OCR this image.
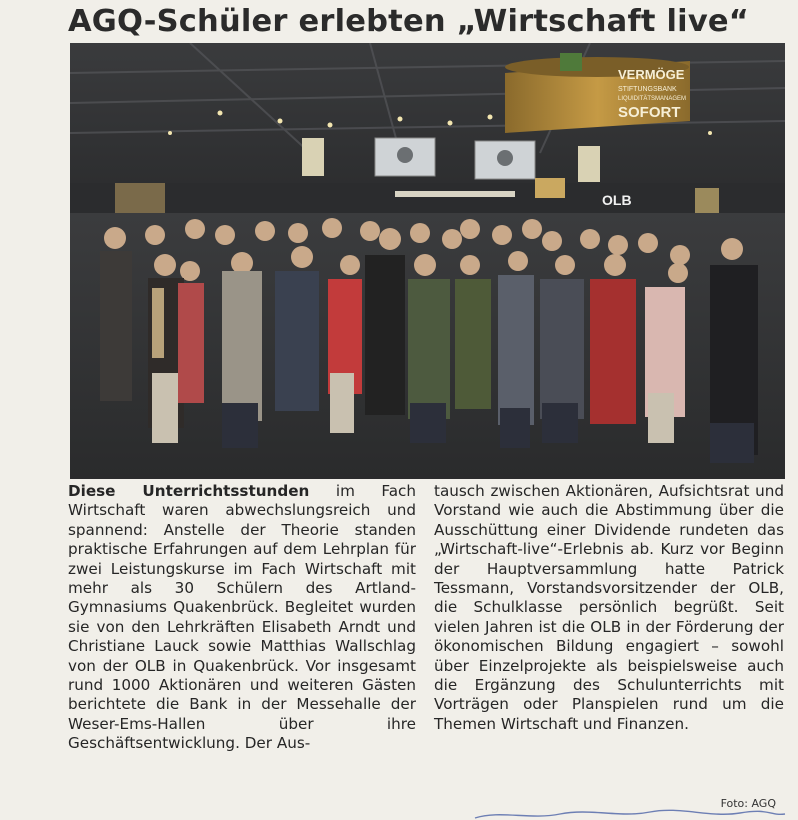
AGQ-Schüler erlebten „Wirtschaft live“
OLB
VERMÖGE
STIFTUNGSBANK
LIQUIDITÄTSMANAGEM
SOFORT
Diese Unterrichtsstunden im Fach Wirtschaft waren abwechslungsreich und spannend: Anstelle der Theorie standen praktische Erfahrungen auf dem Lehrplan für zwei Leistungskurse im Fach Wirtschaft mit mehr als 30 Schülern des Artland-Gymnasiums Quakenbrück. Begleitet wurden sie von den Lehrkräften Elisabeth Arndt und Christiane Lauck sowie Matthias Wallschlag von der OLB in Quakenbrück. Vor insgesamt rund 1000 Aktionären und weiteren Gästen berichtete die Bank in der Messehalle der Weser-Ems-Hallen über ihre Geschäftsentwicklung. Der Aus-
tausch zwischen Aktionären, Aufsichtsrat und Vorstand wie auch die Abstimmung über die Ausschüttung einer Dividende rundeten das „Wirtschaft-live“-Erlebnis ab. Kurz vor Beginn der Hauptversammlung hatte Patrick Tessmann, Vorstandsvorsitzender der OLB, die Schulklasse persönlich begrüßt. Seit vielen Jahren ist die OLB in der Förderung der ökonomischen Bildung engagiert – sowohl über Einzelprojekte als beispielsweise auch die Ergänzung des Schulunterrichts mit Vorträgen oder Planspielen rund um die Themen Wirtschaft und Finanzen.
Foto: AGQ
